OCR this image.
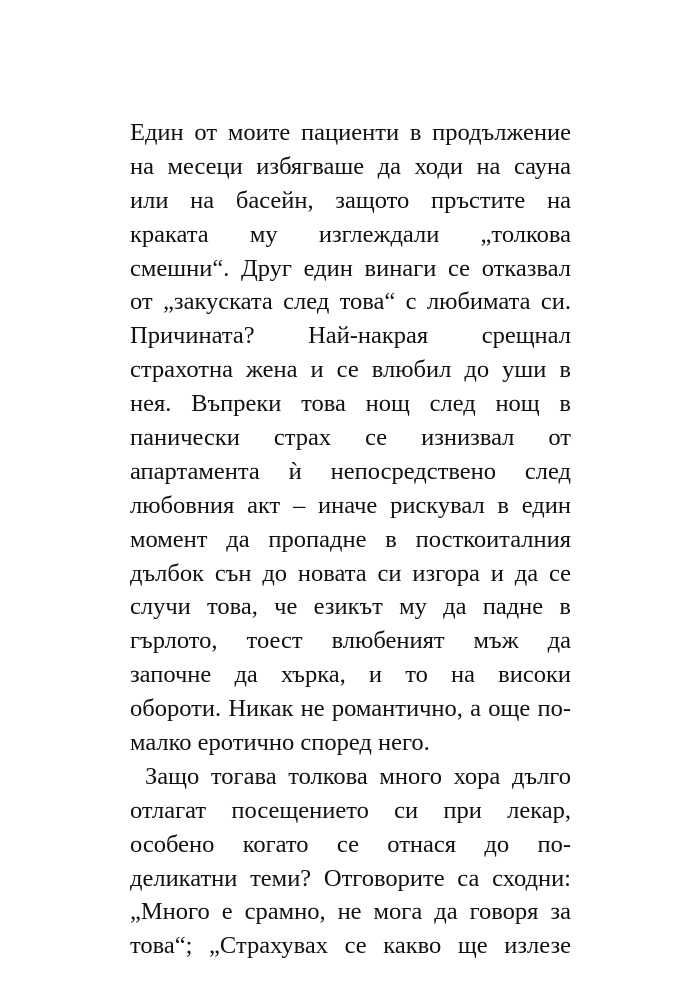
Един от моите пациенти в продължение
на месеци избягваше да ходи на сауна
или на басейн, защото пръстите на
краката му изглеждали „толкова
смешни“. Друг един винаги се отказвал
от „закуската след това“ с любимата си.
Причината? Най-накрая срещнал
страхотна жена и се влюбил до уши в
нея. Въпреки това нощ след нощ в
панически страх се изнизвал от
апартамента ѝ непосредствено след
любовния акт – иначе рискувал в един
момент да пропадне в посткоиталния
дълбок сън до новата си изгора и да се
случи това, че езикът му да падне в
гърлото, тоест влюбеният мъж да
започне да хърка, и то на високи
обороти. Никак не романтично, а още по-
малко еротично според него.
Защо тогава толкова много хора дълго
отлагат посещението си при лекар,
особено когато се отнася до по-
деликатни теми? Отговорите са сходни:
„Много е срамно, не мога да говоря за
това“; „Страхувах се какво ще излезе
